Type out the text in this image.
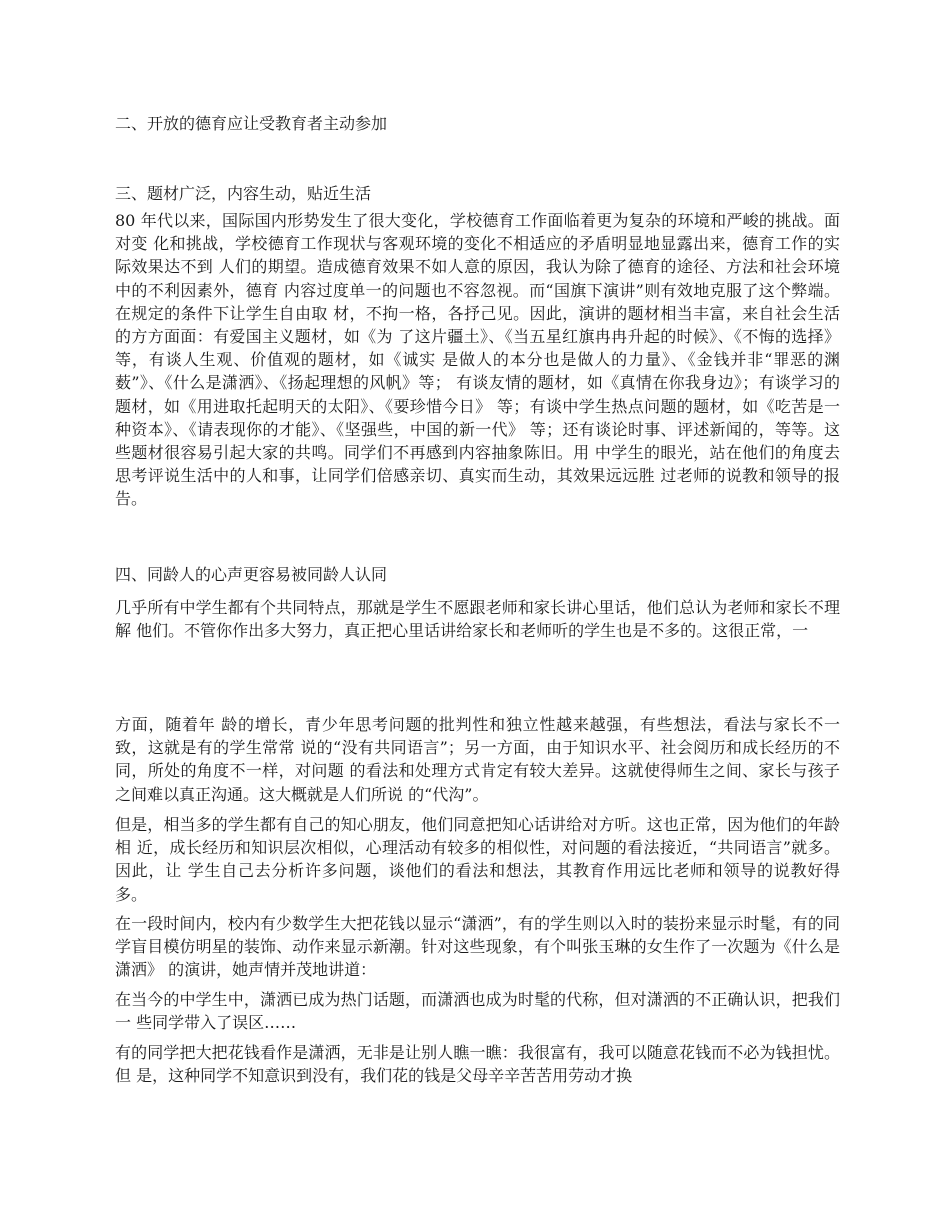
二、开放的德育应让受教育者主动参加
三、题材广泛，内容生动，贴近生活

80 年代以来，国际国内形势发生了很大变化，学校德育工作面临着更为复杂的环境和严峻的挑战。面对变 化和挑战，学校德育工作现状与客观环境的变化不相适应的矛盾明显地显露出来，德育工作的实际效果达不到 人们的期望。造成德育效果不如人意的原因，我认为除了德育的途径、方法和社会环境中的不利因素外，德育 内容过度单一的问题也不容忽视。而“国旗下演讲”则有效地克服了这个弊端。在规定的条件下让学生自由取 材，不拘一格，各抒己见。因此，演讲的题材相当丰富，来自社会生活的方方面面：有爱国主义题材，如《为 了这片疆土》、《当五星红旗冉冉升起的时候》、《不悔的选择》等，有谈人生观、价值观的题材，如《诚实 是做人的本分也是做人的力量》、《金钱并非“罪恶的渊薮”》、《什么是潇洒》、《扬起理想的风帆》等； 有谈友情的题材，如《真情在你我身边》；有谈学习的题材，如《用进取托起明天的太阳》、《要珍惜今日》 等；有谈中学生热点问题的题材，如《吃苦是一种资本》、《请表现你的才能》、《坚强些，中国的新一代》 等；还有谈论时事、评述新闻的，等等。这些题材很容易引起大家的共鸣。同学们不再感到内容抽象陈旧。用 中学生的眼光，站在他们的角度去思考评说生活中的人和事，让同学们倍感亲切、真实而生动，其效果远远胜 过老师的说教和领导的报告。

四、同龄人的心声更容易被同龄人认同

几乎所有中学生都有个共同特点，那就是学生不愿跟老师和家长讲心里话，他们总认为老师和家长不理解 他们。不管你作出多大努力，真正把心里话讲给家长和老师听的学生也是不多的。这很正常，一

方面，随着年 龄的增长，青少年思考问题的批判性和独立性越来越强，有些想法，看法与家长不一致，这就是有的学生常常 说的“没有共同语言”；另一方面，由于知识水平、社会阅历和成长经历的不同，所处的角度不一样，对问题 的看法和处理方式肯定有较大差异。这就使得师生之间、家长与孩子之间难以真正沟通。这大概就是人们所说 的“代沟”。

但是，相当多的学生都有自己的知心朋友，他们同意把知心话讲给对方听。这也正常，因为他们的年龄相 近，成长经历和知识层次相似，心理活动有较多的相似性，对问题的看法接近，“共同语言”就多。因此，让 学生自己去分析许多问题，谈他们的看法和想法，其教育作用远比老师和领导的说教好得多。

在一段时间内，校内有少数学生大把花钱以显示“潇洒”，有的学生则以入时的装扮来显示时髦，有的同 学盲目模仿明星的装饰、动作来显示新潮。针对这些现象，有个叫张玉琳的女生作了一次题为《什么是潇洒》 的演讲，她声情并茂地讲道：

在当今的中学生中，潇洒已成为热门话题，而潇洒也成为时髦的代称，但对潇洒的不正确认识，把我们一 些同学带入了误区……

有的同学把大把花钱看作是潇洒，无非是让别人瞧一瞧：我很富有，我可以随意花钱而不必为钱担忧。但 是，这种同学不知意识到没有，我们花的钱是父母辛辛苦苦用劳动才换
